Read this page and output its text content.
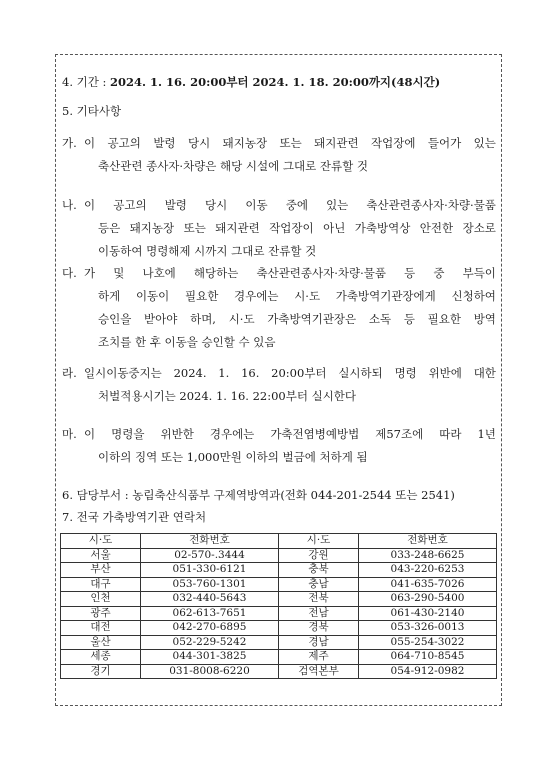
4. 기간 : 2024. 1. 16. 20:00부터 2024. 1. 18. 20:00까지(48시간)
5. 기타사항
가. 이 공고의 발령 당시 돼지농장 또는 돼지관련 작업장에 들어가 있는
축산관련 종사자·차량은 해당 시설에 그대로 잔류할 것
나. 이 공고의 발령 당시 이동 중에 있는 축산관련종사자·차량·물품
등은 돼지농장 또는 돼지관련 작업장이 아닌 가축방역상 안전한 장소로
이동하여 명령해제 시까지 그대로 잔류할 것
다. 가 및 나호에 해당하는 축산관련종사자·차량·물품 등 중 부득이
하게 이동이 필요한 경우에는 시·도 가축방역기관장에게 신청하여
승인을 받아야 하며, 시·도 가축방역기관장은 소독 등 필요한 방역
조치를 한 후 이동을 승인할 수 있음
라. 일시이동중지는 2024. 1. 16. 20:00부터 실시하되 명령 위반에 대한
처벌적용시기는 2024. 1. 16. 22:00부터 실시한다
마. 이 명령을 위반한 경우에는 가축전염병예방법 제57조에 따라 1년
이하의 징역 또는 1,000만원 이하의 벌금에 처하게 됨
6. 담당부서 : 농림축산식품부 구제역방역과(전화 044-201-2544 또는 2541)
7. 전국 가축방역기관 연락처
시·도	전화번호	시·도	전화번호
서울	02-570-.3444	강원	033-248-6625
부산	051-330-6121	충북	043-220-6253
대구	053-760-1301	충남	041-635-7026
인천	032-440-5643	전북	063-290-5400
광주	062-613-7651	전남	061-430-2140
대전	042-270-6895	경북	053-326-0013
울산	052-229-5242	경남	055-254-3022
세종	044-301-3825	제주	064-710-8545
경기	031-8008-6220	검역본부	054-912-0982
